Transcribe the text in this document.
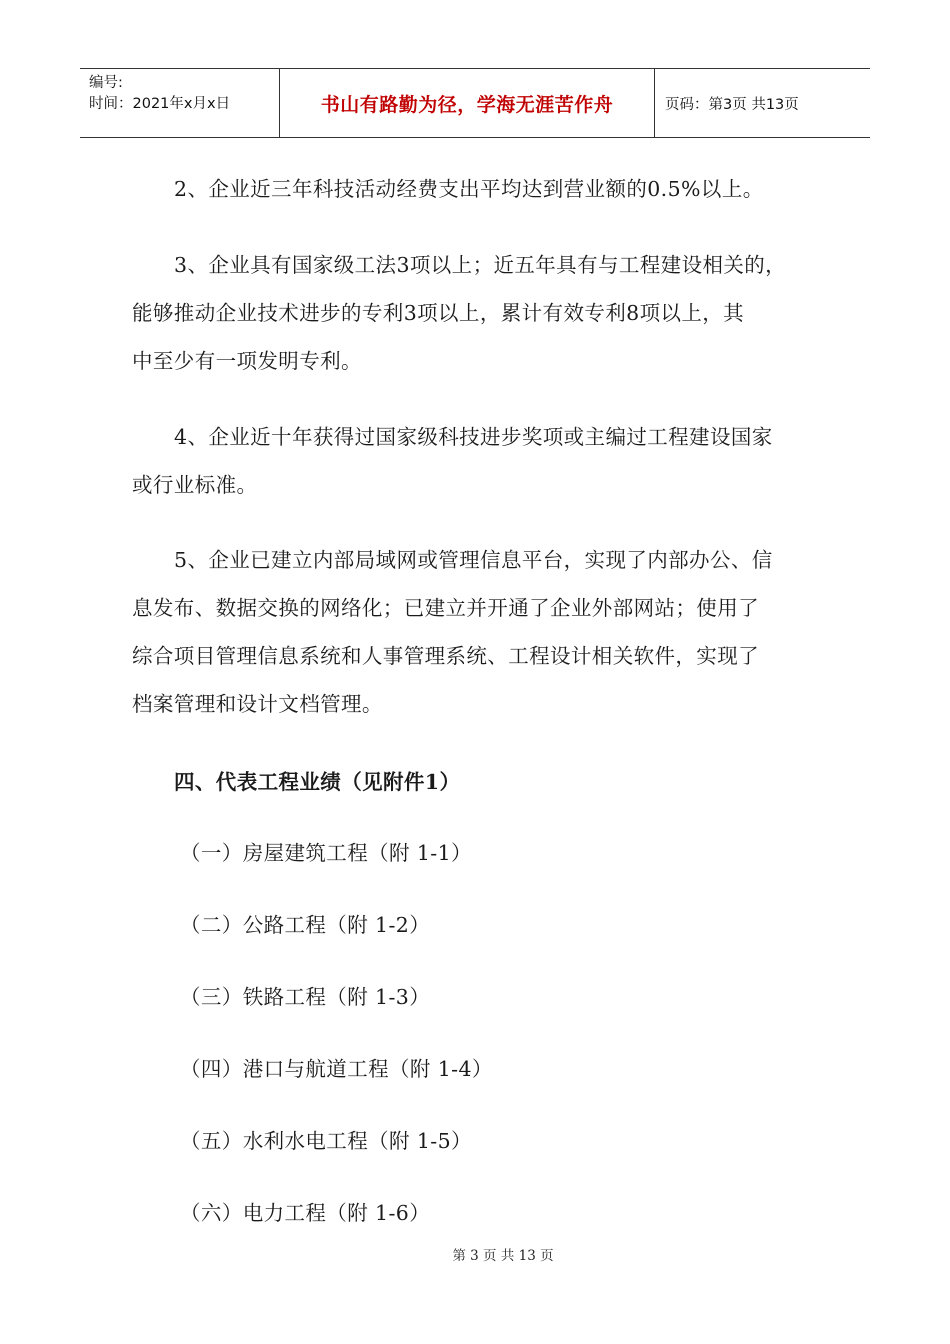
编号:
时间：2021年x月x日	书山有路勤为径，学海无涯苦作舟	页码：第3页 共13页

2、企业近三年科技活动经费支出平均达到营业额的0.5%以上。

3、企业具有国家级工法3项以上；近五年具有与工程建设相关的，
能够推动企业技术进步的专利3项以上，累计有效专利8项以上，其
中至少有一项发明专利。

4、企业近十年获得过国家级科技进步奖项或主编过工程建设国家
或行业标准。

5、企业已建立内部局域网或管理信息平台，实现了内部办公、信
息发布、数据交换的网络化；已建立并开通了企业外部网站；使用了
综合项目管理信息系统和人事管理系统、工程设计相关软件，实现了
档案管理和设计文档管理。

四、代表工程业绩（见附件1）
（一）房屋建筑工程（附 1-1）
（二）公路工程（附 1-2）
（三）铁路工程（附 1-3）
（四）港口与航道工程（附 1-4）
（五）水利水电工程（附 1-5）
（六）电力工程（附 1-6）
第 3 页 共 13 页
